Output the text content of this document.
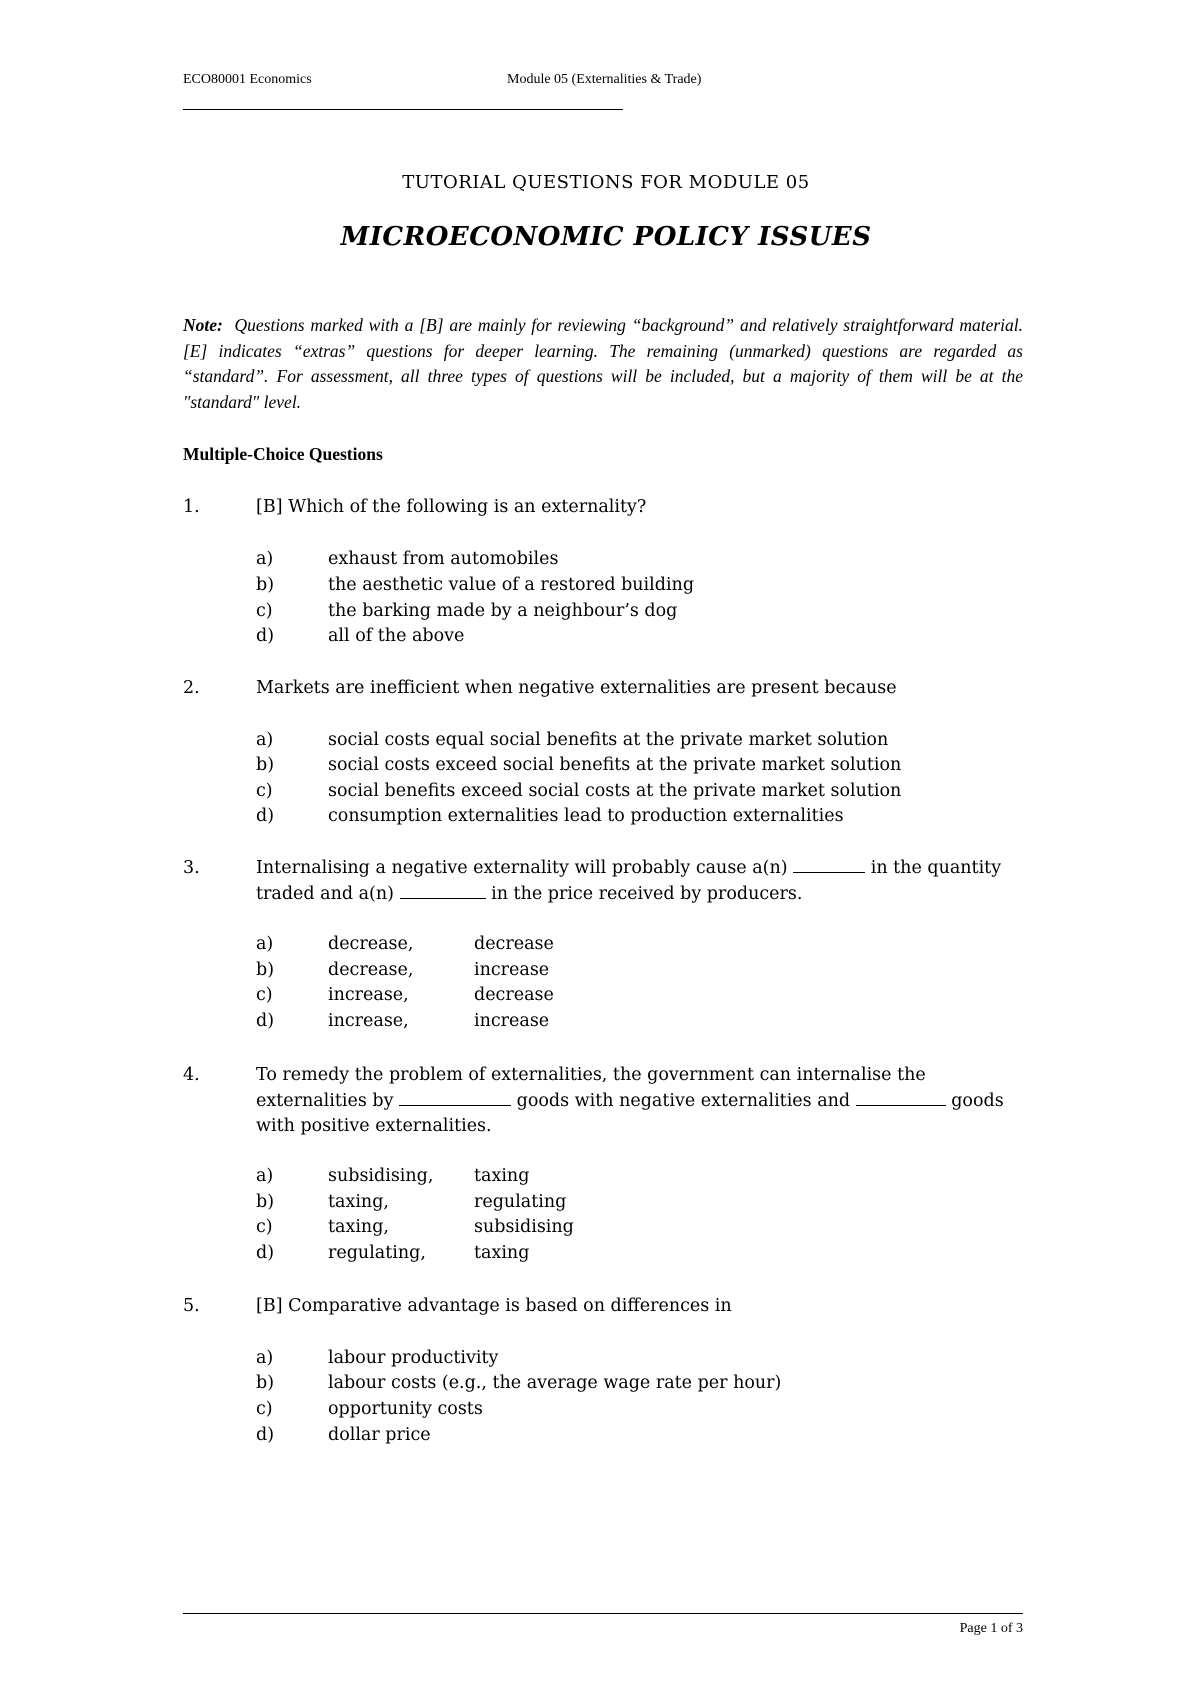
ECO80001 Economics	Module 05 (Externalities & Trade)
TUTORIAL QUESTIONS FOR MODULE 05
MICROECONOMIC POLICY ISSUES
Note: Questions marked with a [B] are mainly for reviewing “background” and relatively straightforward material. [E] indicates “extras” questions for deeper learning. The remaining (unmarked) questions are regarded as “standard”. For assessment, all three types of questions will be included, but a majority of them will be at the "standard" level.
Multiple-Choice Questions
1.	[B] Which of the following is an externality?
a)	exhaust from automobiles
b)	the aesthetic value of a restored building
c)	the barking made by a neighbour’s dog
d)	all of the above
2.	Markets are inefficient when negative externalities are present because
a)	social costs equal social benefits at the private market solution
b)	social costs exceed social benefits at the private market solution
c)	social benefits exceed social costs at the private market solution
d)	consumption externalities lead to production externalities
3.	Internalising a negative externality will probably cause a(n)	in the quantity
traded and a(n)	in the price received by producers.
a)	decrease,	decrease
b)	decrease,	increase
c)	increase,	decrease
d)	increase,	increase
4.	To remedy the problem of externalities, the government can internalise the
externalities by	goods with negative externalities and	goods
with positive externalities.
a)	subsidising, taxing
b)	taxing,	regulating
c)	taxing,	subsidising
d)	regulating,	taxing
5.	[B] Comparative advantage is based on differences in
a)	labour productivity
b)	labour costs (e.g., the average wage rate per hour)
c)	opportunity costs
d)	dollar price
Page 1 of 3
